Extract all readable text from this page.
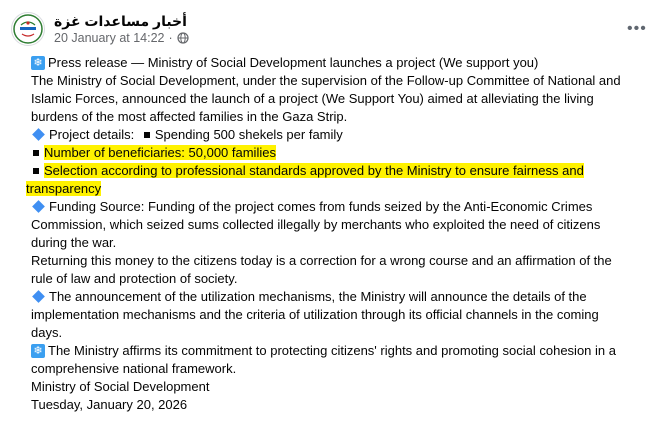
أخبار مساعدات غزة
20 January at 14:22 ·
•••
❄ Press release — Ministry of Social Development launches a project (We support you)
The Ministry of Social Development, under the supervision of the Follow-up Committee of National and
Islamic Forces, announced the launch of a project (We Support You) aimed at alleviating the living
burdens of the most affected families in the Gaza Strip.
Project details: Spending 500 shekels per family
Number of beneficiaries: 50,000 families
Selection according to professional standards approved by the Ministry to ensure fairness and
transparency
Funding Source: Funding of the project comes from funds seized by the Anti-Economic Crimes
Commission, which seized sums collected illegally by merchants who exploited the need of citizens
during the war.
Returning this money to the citizens today is a correction for a wrong course and an affirmation of the
rule of law and protection of society.
The announcement of the utilization mechanisms, the Ministry will announce the details of the
implementation mechanisms and the criteria of utilization through its official channels in the coming
days.
❄ The Ministry affirms its commitment to protecting citizens' rights and promoting social cohesion in a
comprehensive national framework.
Ministry of Social Development
Tuesday, January 20, 2026
